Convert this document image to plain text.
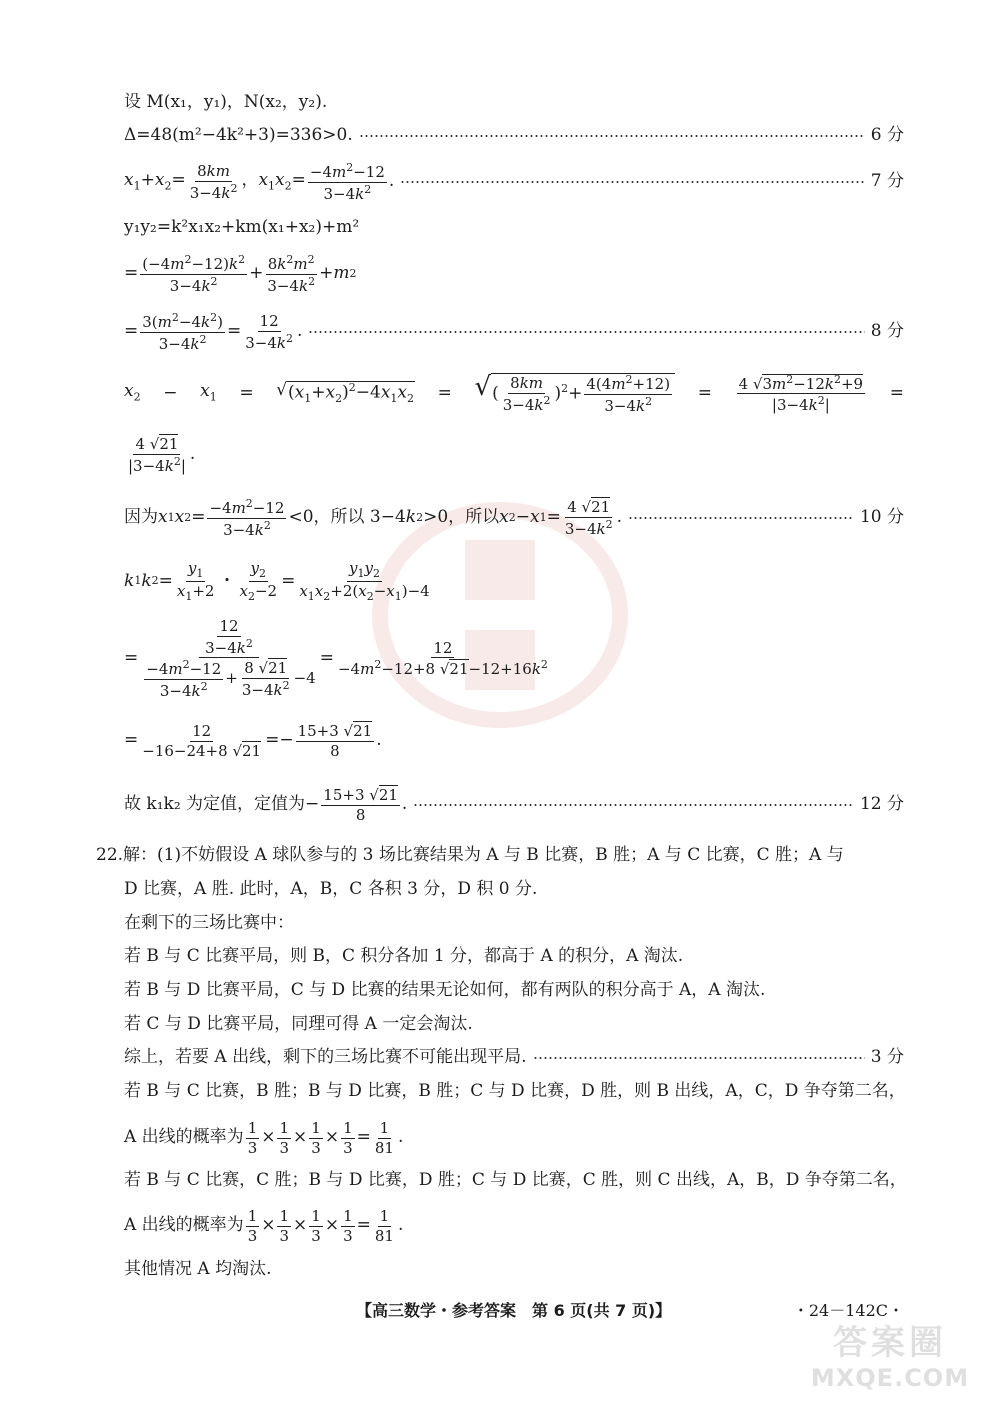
设 M(x₁，y₁)，N(x₂，y₂).
Δ=48(m²−4k²+3)=336>0.	6 分
$x_1+x_2= \frac{8km}{3-4k^2}$ ，$x_1x_2= \frac{-4m^2-12}{3-4k^2}$ .	7 分
y₁y₂=k²x₁x₂+km(x₁+x₂)+m²
= $\frac{(-4m^2-12)k^2}{3-4k^2} + \frac{8k^2m^2}{3-4k^2} + m$ 2
= $\frac{3(m^2-4k^2)}{3-4k^2} = \frac{12}{3-4k^2}$ .	8 分
$x_2 - x_1$ = √ $(x_1+x_2)^2-4x_1x_2$ = √ ( $\frac{8km}{3-4k^2} )^2+ \frac{4(4m^2+12)}{3-4k^2} = \frac{4 √3m^2-12k^2+9}{|3-4k^2|}$ =
$\frac{4 √21}{|3-4k^2|}$ .
因为 x 1 x $2 = \frac{-4m^2-12}{3-4k^2} <0$，所以 3−4 k 2 >0，所以 x 2 − x $1 = \frac{4 √21}{3-4k^2}$ .	10 分
k 1 k $2 = \frac{y_1}{x_1+2}$ ・ $\frac{y_2}{x_2-2} = \frac{y_1y_2}{x_1x_2+2(x_2-x_1)-4}$
= $\frac{\frac{12}{3-4k^2}}{\frac{-4m^2-12}{3-4k^2} + \frac{8 √21}{3-4k^2} -4} = \frac{12}{-4m^2-12+8 √21-12+16k^2}$
= $\frac{12}{-16-24+8 √21} =- \frac{15+3 √21}{8}$ .
故 k₁k₂ 为定值，定值为 − $\frac{15+3 √21}{8}$ .	12 分
22.解：(1)不妨假设 A 球队参与的 3 场比赛结果为 A 与 B 比赛，B 胜；A 与 C 比赛，C 胜；A 与
D 比赛，A 胜. 此时，A，B，C 各积 3 分，D 积 0 分.
在剩下的三场比赛中：
若 B 与 C 比赛平局，则 B，C 积分各加 1 分，都高于 A 的积分，A 淘汰.
若 B 与 D 比赛平局，C 与 D 比赛的结果无论如何，都有两队的积分高于 A，A 淘汰.
若 C 与 D 比赛平局，同理可得 A 一定会淘汰.
综上，若要 A 出线，剩下的三场比赛不可能出现平局.	3 分
若 B 与 C 比赛，B 胜；B 与 D 比赛，B 胜；C 与 D 比赛，D 胜，则 B 出线，A，C，D 争夺第二名，
A 出线的概率为 $\frac{1}{3} \times \frac{1}{3} \times \frac{1}{3} \times \frac{1}{3} = \frac{1}{81}$ .
若 B 与 C 比赛，C 胜；B 与 D 比赛，D 胜；C 与 D 比赛，C 胜，则 C 出线，A，B，D 争夺第二名，
A 出线的概率为 $\frac{1}{3} \times \frac{1}{3} \times \frac{1}{3} \times \frac{1}{3} = \frac{1}{81}$ .
其他情况 A 均淘汰.
【高三数学・参考答案　第 6 页(共 7 页)】	・24－142C・
答案圈
MXQE.COM
